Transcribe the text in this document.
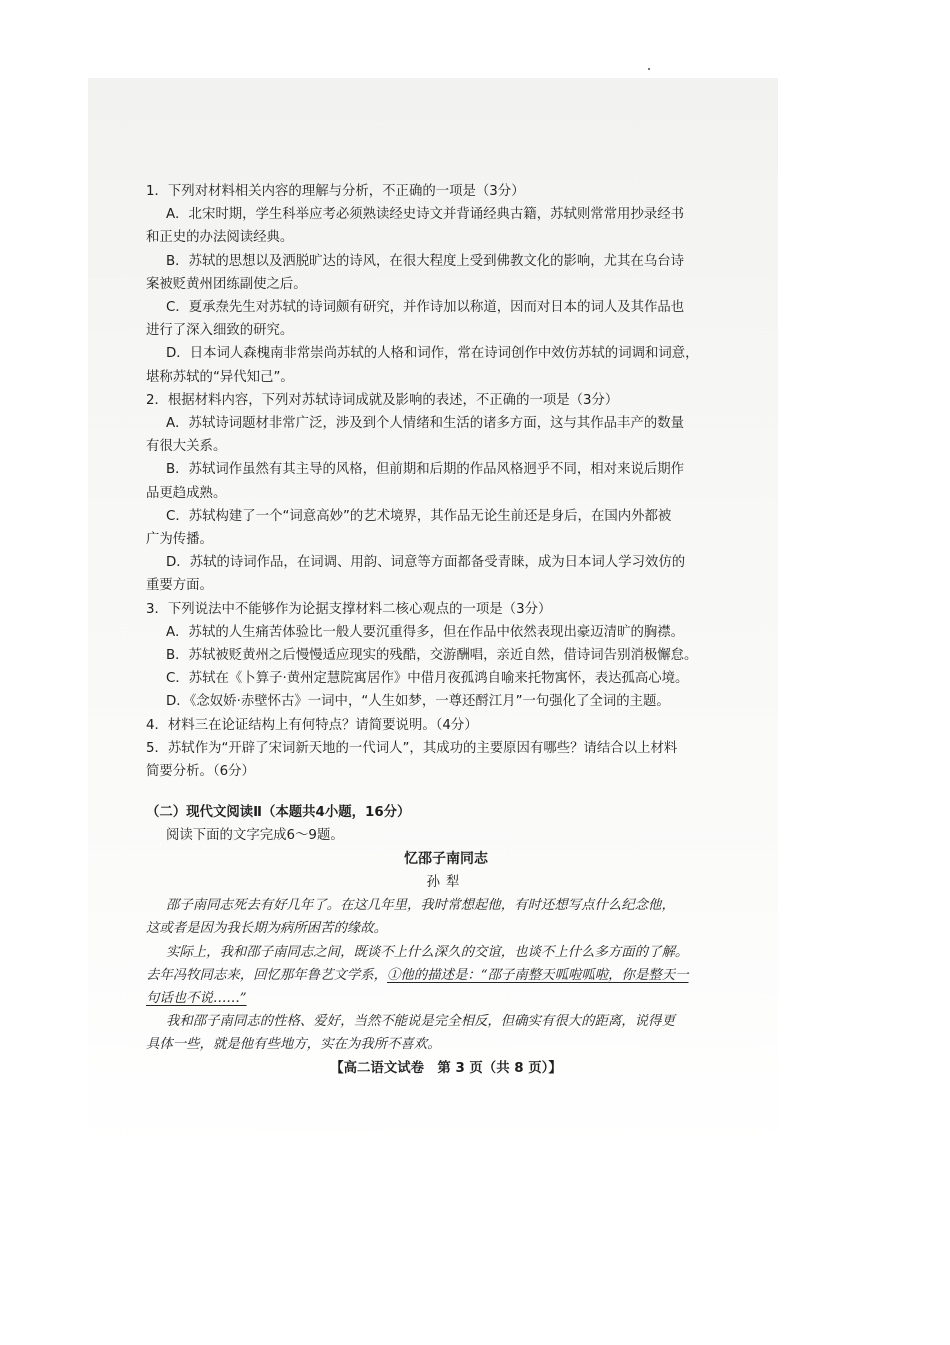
1．下列对材料相关内容的理解与分析，不正确的一项是（3分）

A．北宋时期，学生科举应考必须熟读经史诗文并背诵经典古籍，苏轼则常常用抄录经书

和正史的办法阅读经典。

B．苏轼的思想以及洒脱旷达的诗风，在很大程度上受到佛教文化的影响，尤其在乌台诗

案被贬黄州团练副使之后。

C．夏承焘先生对苏轼的诗词颇有研究，并作诗加以称道，因而对日本的词人及其作品也

进行了深入细致的研究。

D．日本词人森槐南非常崇尚苏轼的人格和词作，常在诗词创作中效仿苏轼的词调和词意，

堪称苏轼的“异代知己”。

2．根据材料内容，下列对苏轼诗词成就及影响的表述，不正确的一项是（3分）

A．苏轼诗词题材非常广泛，涉及到个人情绪和生活的诸多方面，这与其作品丰产的数量

有很大关系。

B．苏轼词作虽然有其主导的风格，但前期和后期的作品风格迥乎不同，相对来说后期作

品更趋成熟。

C．苏轼构建了一个“词意高妙”的艺术境界，其作品无论生前还是身后，在国内外都被

广为传播。

D．苏轼的诗词作品，在词调、用韵、词意等方面都备受青睐，成为日本词人学习效仿的

重要方面。

3．下列说法中不能够作为论据支撑材料二核心观点的一项是（3分）

A．苏轼的人生痛苦体验比一般人要沉重得多，但在作品中依然表现出豪迈清旷的胸襟。

B．苏轼被贬黄州之后慢慢适应现实的残酷，交游酬唱，亲近自然，借诗词告别消极懈怠。

C．苏轼在《卜算子·黄州定慧院寓居作》中借月夜孤鸿自喻来托物寓怀，表达孤高心境。

D．《念奴娇·赤壁怀古》一词中，“人生如梦，一尊还酹江月”一句强化了全词的主题。

4．材料三在论证结构上有何特点？请简要说明。（4分）

5．苏轼作为“开辟了宋词新天地的一代词人”，其成功的主要原因有哪些？请结合以上材料

简要分析。（6分）

（二）现代文阅读Ⅱ（本题共4小题，16分）

阅读下面的文字完成6～9题。

忆邵子南同志

孙犁

邵子南同志死去有好几年了。在这几年里，我时常想起他，有时还想写点什么纪念他，

这或者是因为我长期为病所困苦的缘故。

实际上，我和邵子南同志之间，既谈不上什么深久的交谊，也谈不上什么多方面的了解。

去年冯牧同志来，回忆那年鲁艺文学系，①他的描述是：“邵子南整天呱啦呱啦，你是整天一

句话也不说……”

我和邵子南同志的性格、爱好，当然不能说是完全相反，但确实有很大的距离，说得更

具体一些，就是他有些地方，实在为我所不喜欢。

【高二语文试卷　第 3 页（共 8 页）】
